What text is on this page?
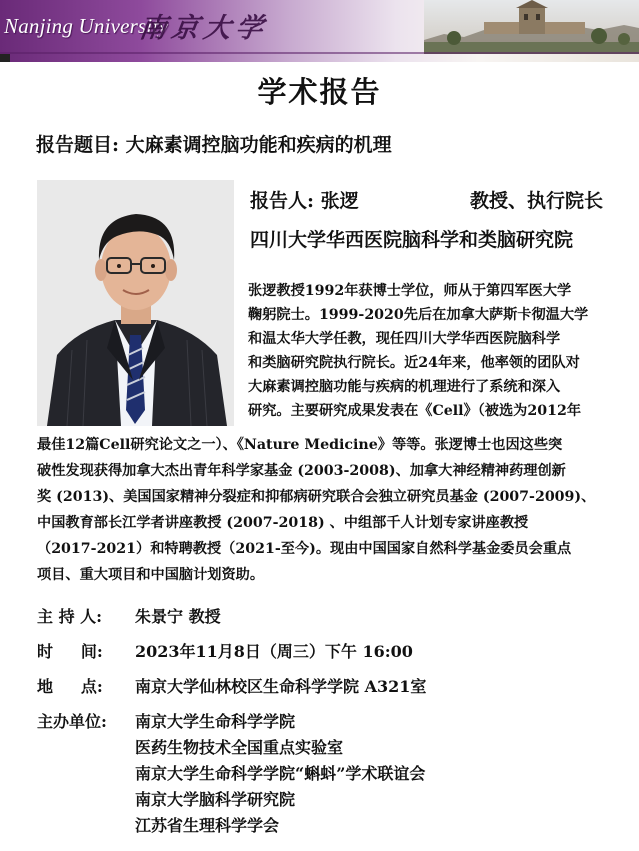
Nanjing University
南京大学
学术报告
报告题目: 大麻素调控脑功能和疾病的机理
报告人: 张逻	教授、执行院长
四川大学华西医院脑科学和类脑研究院
张逻教授1992年获博士学位，师从于第四军医大学
鞠躬院士。1999-2020先后在加拿大萨斯卡彻温大学
和温太华大学任教，现任四川大学华西医院脑科学
和类脑研究院执行院长。近24年来，他率领的团队对
大麻素调控脑功能与疾病的机理进行了系统和深入
研究。主要研究成果发表在《Cell》（被选为2012年
最佳12篇Cell研究论文之一）、《Nature Medicine》等等。张逻博士也因这些突
破性发现获得加拿大杰出青年科学家基金 (2003-2008)、加拿大神经精神药理创新
奖 (2013)、美国国家精神分裂症和抑郁病研究联合会独立研究员基金 (2007-2009)、
中国教育部长江学者讲座教授 (2007-2018) 、中组部千人计划专家讲座教授
（2017-2021）和特聘教授（2021-至今)。现由中国国家自然科学基金委员会重点
项目、重大项目和中国脑计划资助。
主 持 人: 朱景宁 教授
时     间: 2023年11月8日（周三）下午 16:00
地     点: 南京大学仙林校区生命科学学院 A321室
主办单位: 南京大学生命科学学院
医药生物技术全国重点实验室
南京大学生命科学学院“蝌蚪”学术联谊会
南京大学脑科学研究院
江苏省生理科学学会
